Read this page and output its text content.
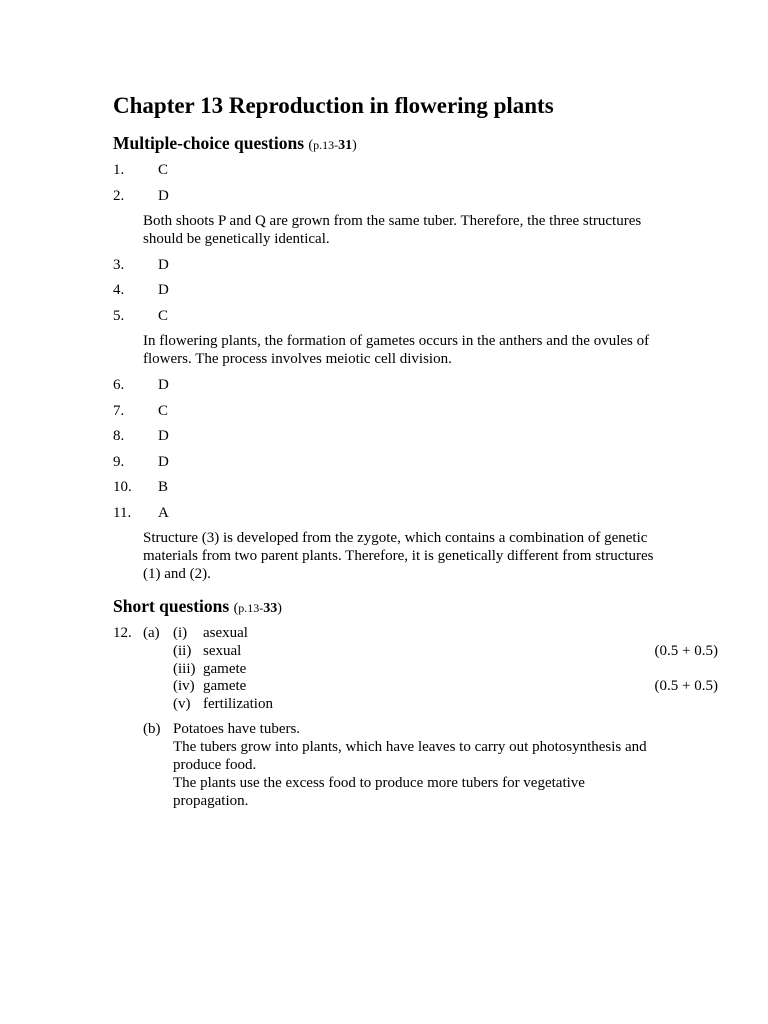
Chapter 13 Reproduction in flowering plants
Multiple-choice questions (p.13-31)
1. C
2. D

Both shoots P and Q are grown from the same tuber. Therefore, the three structures should be genetically identical.

3. D
4. D
5. C

In flowering plants, the formation of gametes occurs in the anthers and the ovules of flowers. The process involves meiotic cell division.

6. D
7. C
8. D
9. D
10. B
11. A

Structure (3) is developed from the zygote, which contains a combination of genetic materials from two parent plants. Therefore, it is genetically different from structures (1) and (2).

Short questions (p.13-33)
12. (a) (i) asexual
(ii) sexual	(0.5 + 0.5)
(iii) gamete
(iv) gamete	(0.5 + 0.5)
(v) fertilization
(b) Potatoes have tubers.

The tubers grow into plants, which have leaves to carry out photosynthesis and produce food.

The plants use the excess food to produce more tubers for vegetative propagation.
